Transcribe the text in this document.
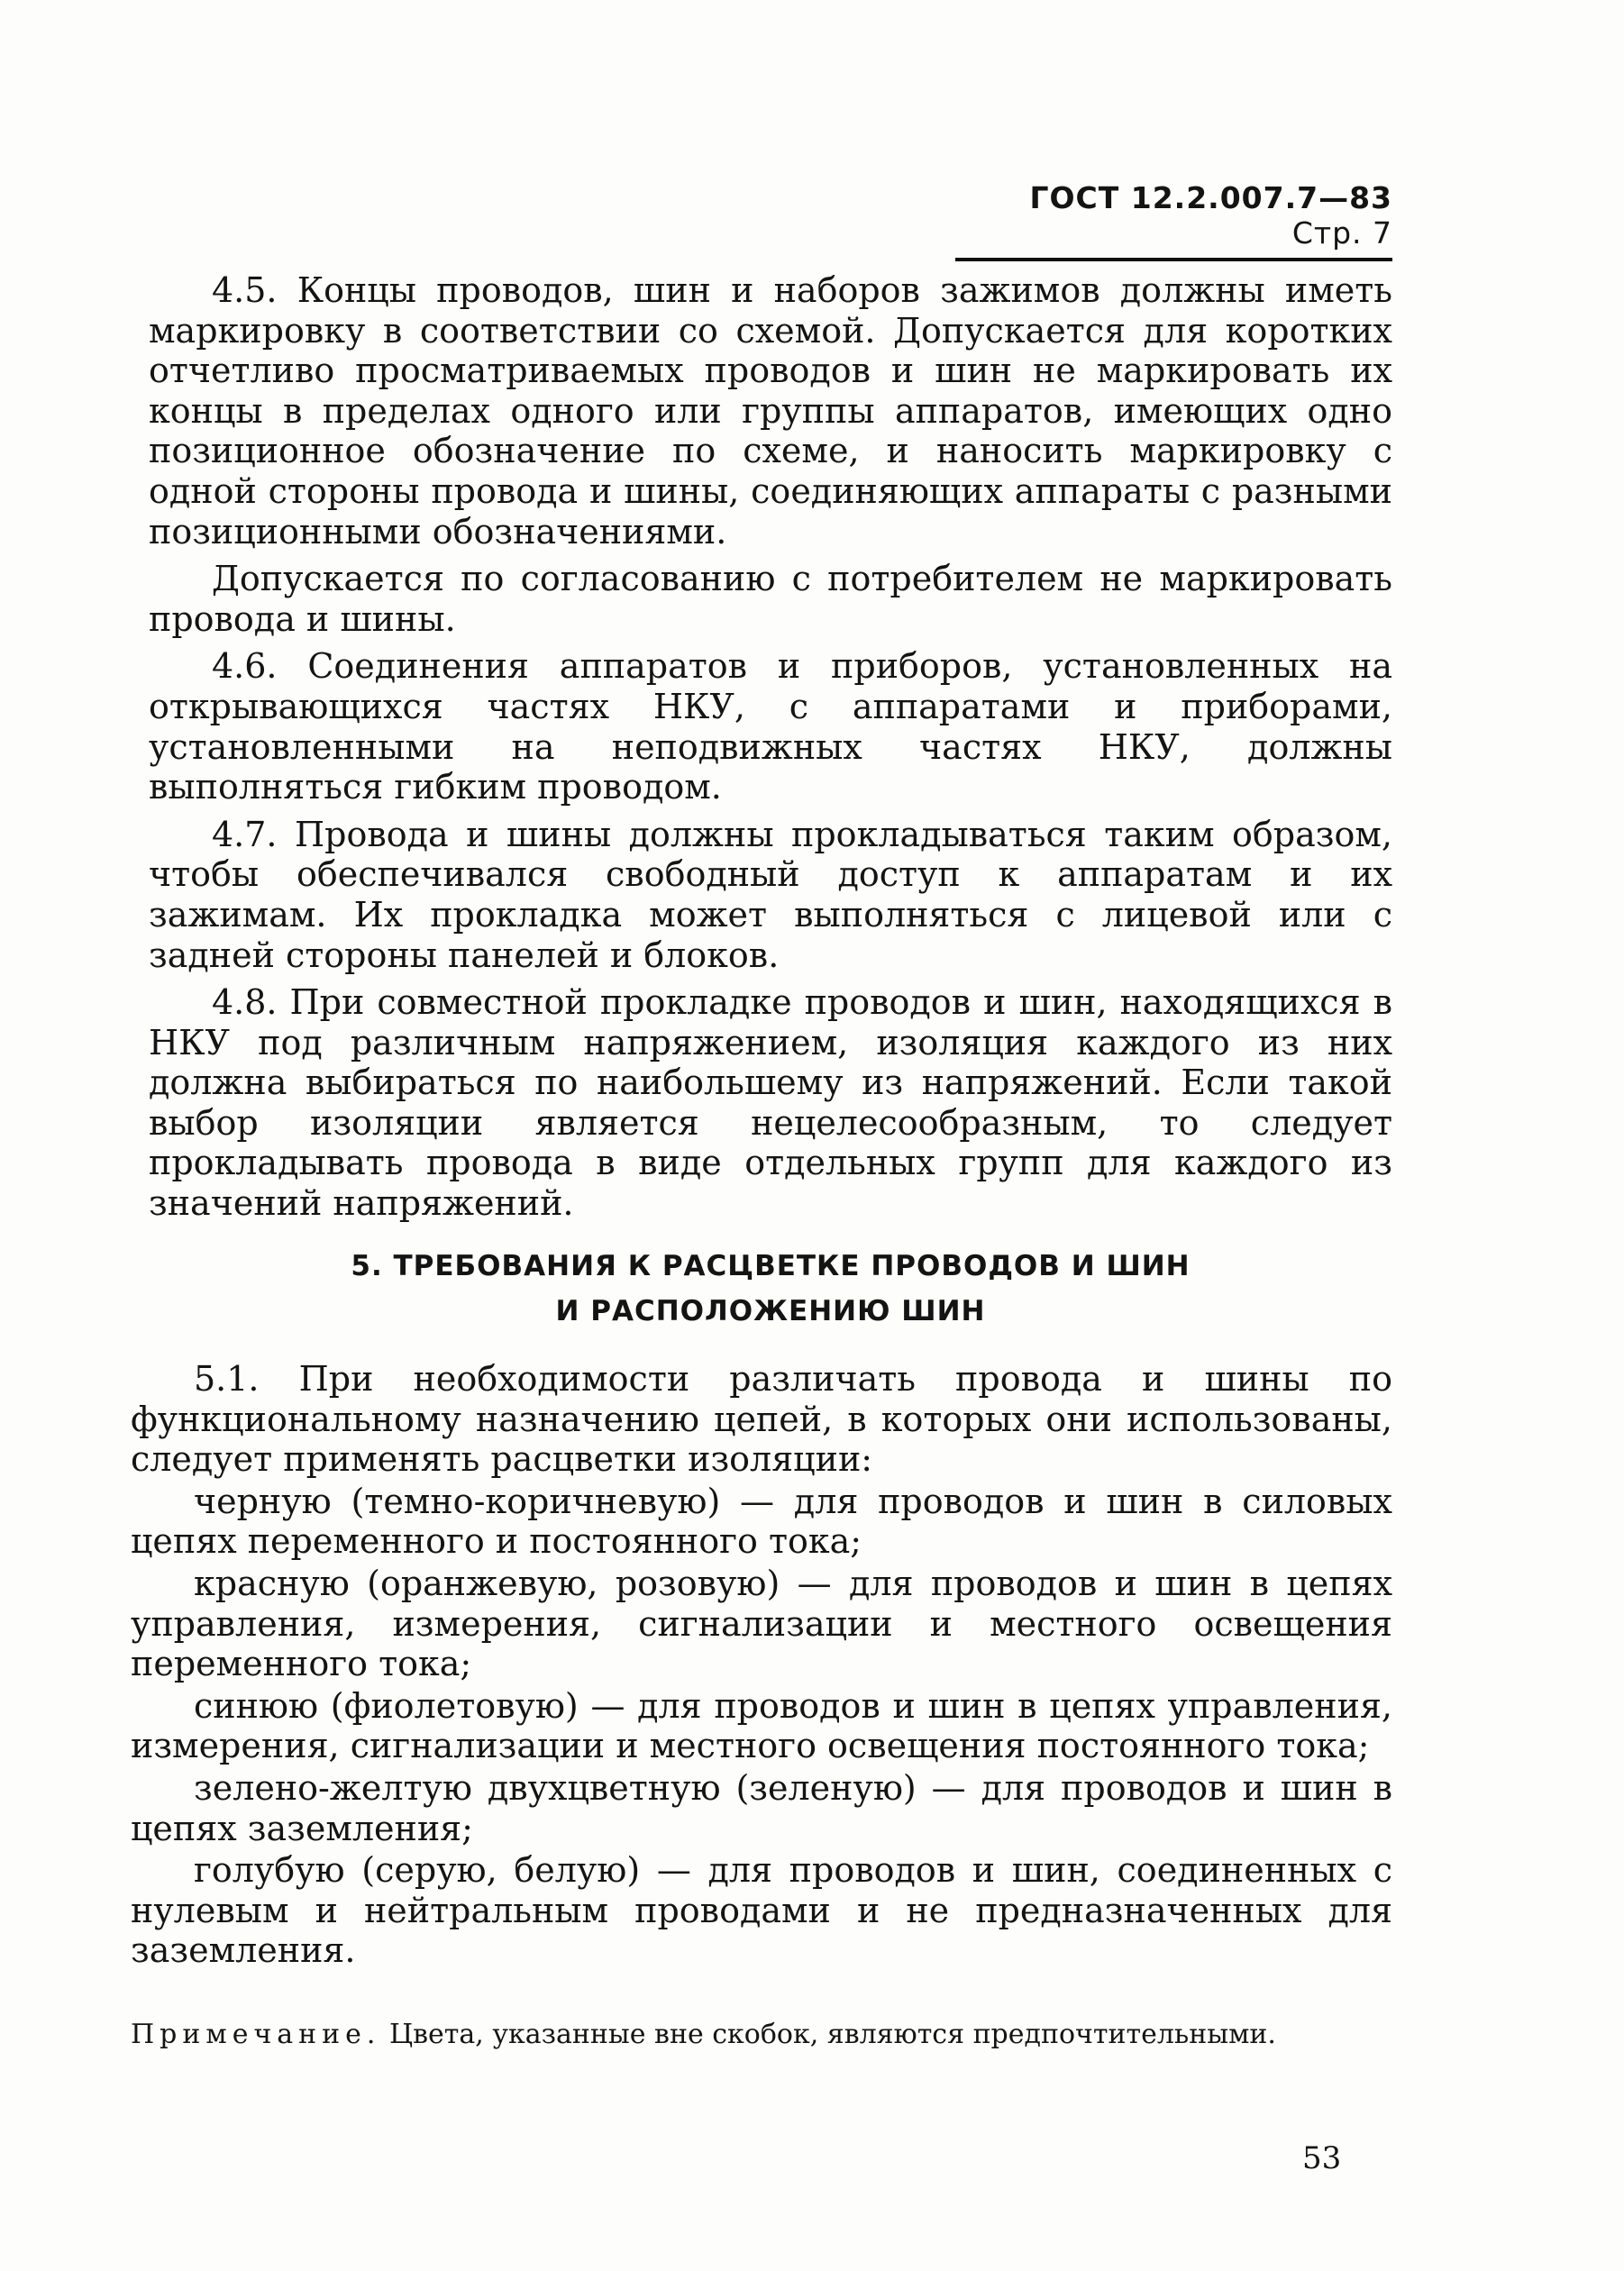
ГОСТ 12.2.007.7—83 Стр. 7

4.5. Концы проводов, шин и наборов зажимов должны иметь маркировку в соответствии со схемой. Допускается для коротких отчетливо просматриваемых проводов и шин не маркировать их концы в пределах одного или группы аппаратов, имеющих одно позиционное обозначение по схеме, и наносить маркировку с одной стороны провода и шины, соединяющих аппараты с разными позиционными обозначениями.

Допускается по согласованию с потребителем не маркировать провода и шины.

4.6. Соединения аппаратов и приборов, установленных на открывающихся частях НКУ, с аппаратами и приборами, установленными на неподвижных частях НКУ, должны выполняться гибким проводом.

4.7. Провода и шины должны прокладываться таким образом, чтобы обеспечивался свободный доступ к аппаратам и их зажимам. Их прокладка может выполняться с лицевой или с задней стороны панелей и блоков.

4.8. При совместной прокладке проводов и шин, находящихся в НКУ под различным напряжением, изоляция каждого из них должна выбираться по наибольшему из напряжений. Если такой выбор изоляции является нецелесообразным, то следует прокладывать провода в виде отдельных групп для каждого из значений напряжений.

5. ТРЕБОВАНИЯ К РАСЦВЕТКЕ ПРОВОДОВ И ШИН
И РАСПОЛОЖЕНИЮ ШИН

5.1. При необходимости различать провода и шины по функциональному назначению цепей, в которых они использованы, следует применять расцветки изоляции:

черную (темно-коричневую) — для проводов и шин в силовых цепях переменного и постоянного тока;

красную (оранжевую, розовую) — для проводов и шин в цепях управления, измерения, сигнализации и местного освещения переменного тока;

синюю (фиолетовую) — для проводов и шин в цепях управления, измерения, сигнализации и местного освещения постоянного тока;

зелено-желтую двухцветную (зеленую) — для проводов и шин в цепях заземления;

голубую (серую, белую) — для проводов и шин, соединенных с нулевым и нейтральным проводами и не предназначенных для заземления.

Примечание. Цвета, указанные вне скобок, являются предпочтительными.
53
